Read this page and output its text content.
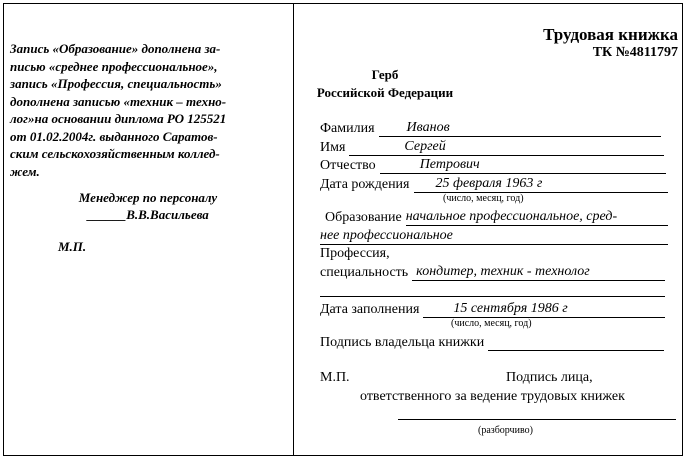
Запись «Образование» дополнена за-
писью «среднее профессиональное»,
запись «Профессия, специальность»
дополнена записью «техник – техно-
лог»на основании диплома РО 125521
от 01.02.2004г. выданного Саратов-
ским сельскохозяйственным коллед-
жем.
Менеджер по персоналу
______В.В.Васильева
М.П.
Трудовая книжка
ТК №4811797
Герб
Российской Федерации
Фамилия	Иванов
Имя	Сергей
Отчество	Петрович
Дата рождения	25 февраля 1963 г
(число, месяц, год)
Образование начальное профессиональное, сред-
нее профессиональное
Профессия,
специальность кондитер, техник - технолог
Дата заполнения	15 сентября 1986 г
(число, месяц, год)
Подпись владельца книжки
М.П.	Подпись лица,
ответственного за ведение трудовых книжек
(разборчиво)
